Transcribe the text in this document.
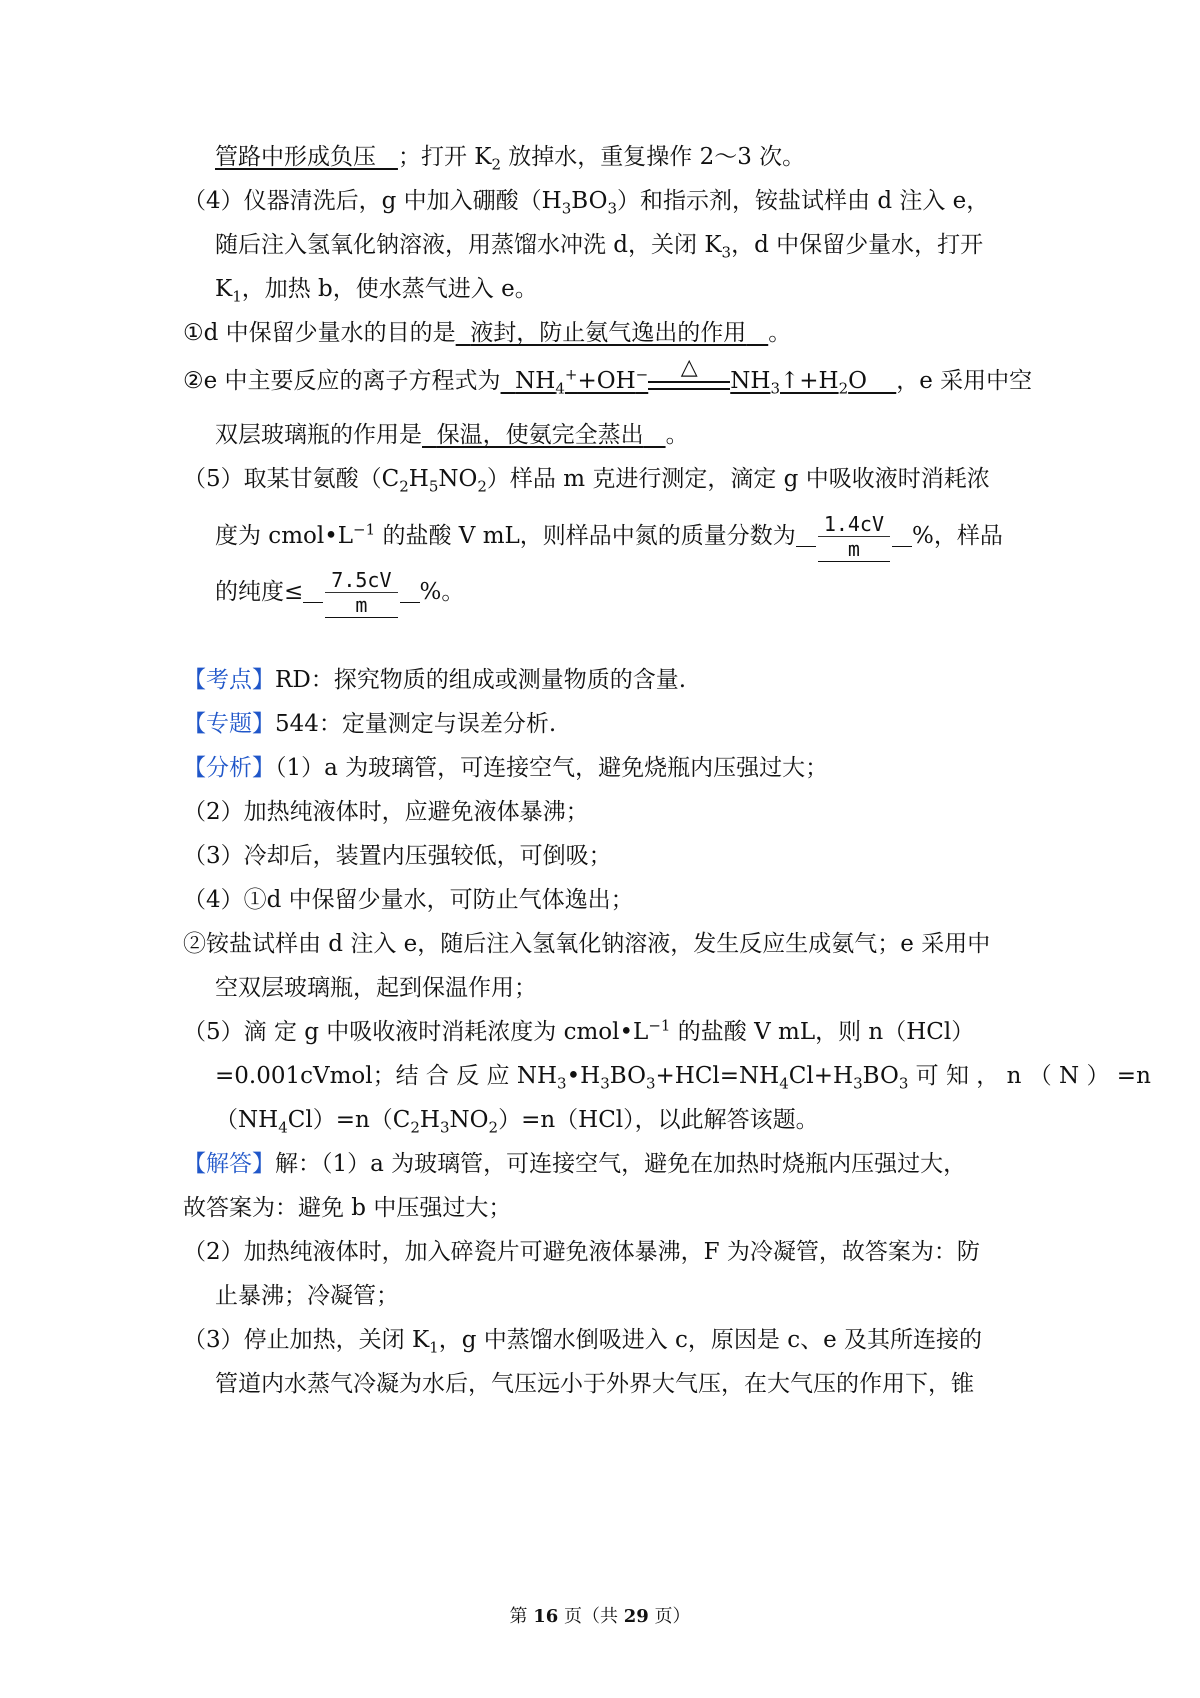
管路中形成负压 ；打开 $K_2$ 放掉水，重复操作 2～3 次。
（4）仪器清洗后，g 中加入硼酸$(H_3BO_3)$和指示剂，铵盐试样由 d 注入 e，
随后注入氢氧化钠溶液，用蒸馏水冲洗 d，关闭 $K_3$，d 中保留少量水，打开
$K_1$，加热 b，使水蒸气进入 e。
①d 中保留少量水的目的是 液封，防止氨气逸出的作用 。
②e 中主要反应的离子方程式为 $NH_4^++OH^-$	△
$NH_3↑+H_2O$ ，e 采用中空
双层玻璃瓶的作用是 保温，使氨完全蒸出 。
（5）取某甘氨酸$(C_2H_5NO_2)$样品 m 克进行测定，滴定 g 中吸收液时消耗浓
度为 $cmol•L^{-1}$ 的盐酸 V mL，则样品中氮的质量分数为 $\frac{1.4cV}{m}$ %，样品
的纯度≤ $\frac{7.5cV}{m}$ %。
【考点】RD：探究物质的组成或测量物质的含量.
【专题】544：定量测定与误差分析.
【分析】（1）a 为玻璃管，可连接空气，避免烧瓶内压强过大；
（2）加热纯液体时，应避免液体暴沸；
（3）冷却后，装置内压强较低，可倒吸；
（4）①d 中保留少量水，可防止气体逸出；
②铵盐试样由 d 注入 e，随后注入氢氧化钠溶液，发生反应生成氨气；e 采用中
空双层玻璃瓶，起到保温作用；
（5）滴 定 g 中吸收液时消耗浓度为 $cmol•L^{-1}$ 的盐酸 V mL，则 n（HCl）
=0.001cVmol；结 合 反 应 $NH_3•H_3BO_3+HCl=NH_4Cl+H_3BO_3$ 可 知 ， n （ N ） =n
$(NH_4Cl)=n(C_2H_3NO_2)=n(HCl)$，以此解答该题。
【解答】解：（1）a 为玻璃管，可连接空气，避免在加热时烧瓶内压强过大，
故答案为：避免 b 中压强过大；
（2）加热纯液体时，加入碎瓷片可避免液体暴沸，F 为冷凝管，故答案为：防
止暴沸；冷凝管；
（3）停止加热，关闭 $K_1$，g 中蒸馏水倒吸进入 c，原因是 c、e 及其所连接的
管道内水蒸气冷凝为水后，气压远小于外界大气压，在大气压的作用下，锥
第 16 页（共 29 页）
